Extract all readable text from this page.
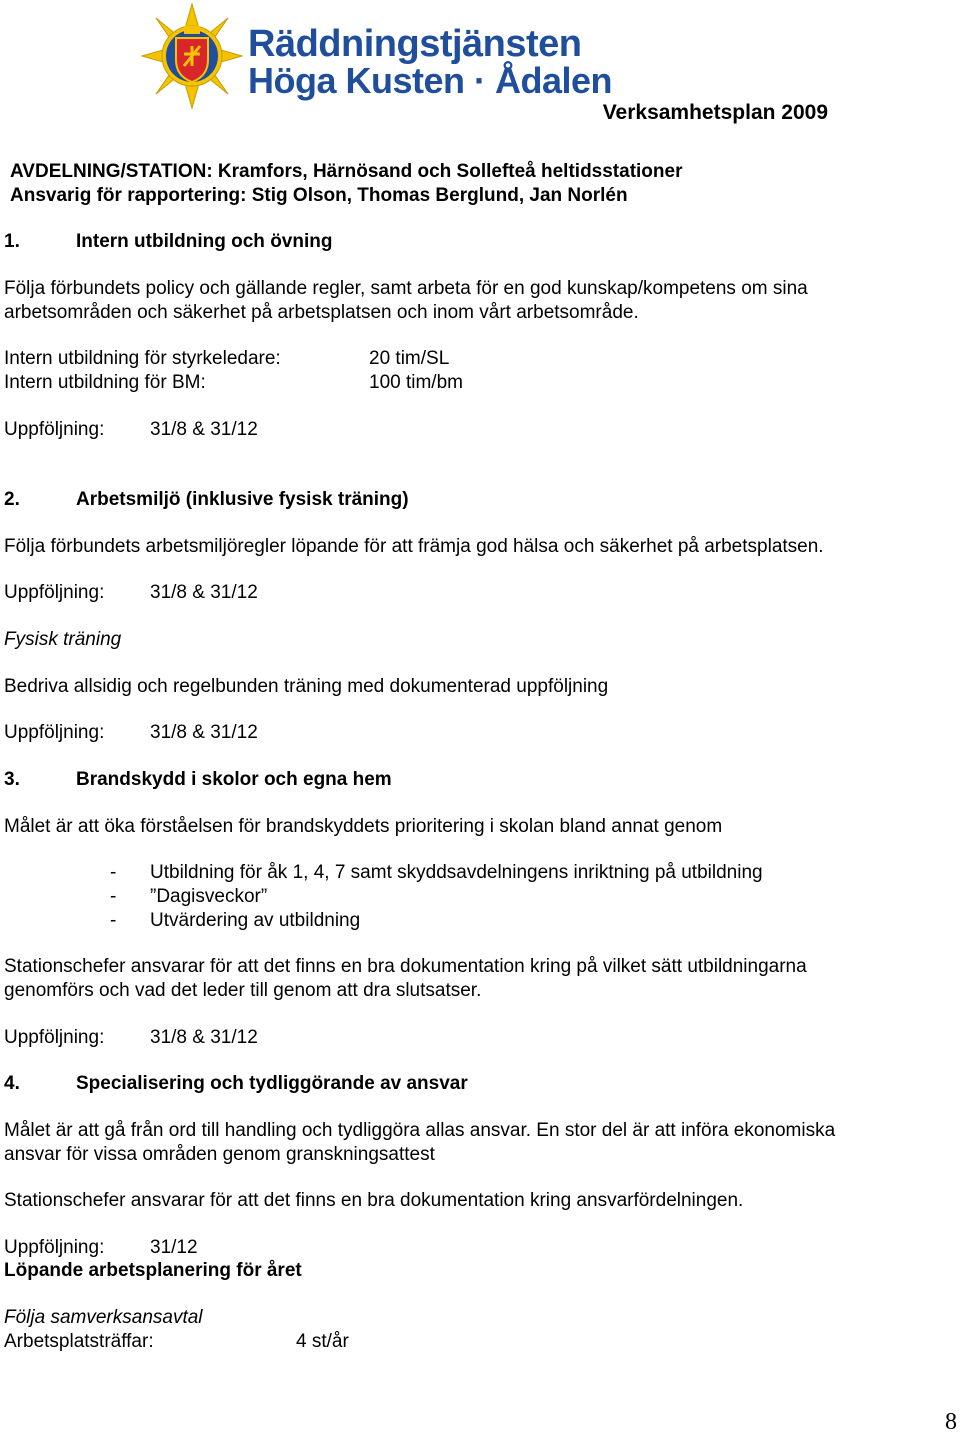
Räddningstjänsten
Höga Kusten · Ådalen
Verksamhetsplan 2009
AVDELNING/STATION: Kramfors, Härnösand och Sollefteå heltidsstationer
Ansvarig för rapportering: Stig Olson, Thomas Berglund, Jan Norlén
1.	Intern utbildning och övning
Följa förbundets policy och gällande regler, samt arbeta för en god kunskap/kompetens om sina
arbetsområden och säkerhet på arbetsplatsen och inom vårt arbetsområde.
Intern utbildning för styrkeledare:	20 tim/SL
Intern utbildning för BM:	100 tim/bm
Uppföljning: 31/8 & 31/12
2.	Arbetsmiljö (inklusive fysisk träning)
Följa förbundets arbetsmiljöregler löpande för att främja god hälsa och säkerhet på arbetsplatsen.
Uppföljning: 31/8 & 31/12
Fysisk träning
Bedriva allsidig och regelbunden träning med dokumenterad uppföljning
Uppföljning: 31/8 & 31/12
3.	Brandskydd i skolor och egna hem
Målet är att öka förståelsen för brandskyddets prioritering i skolan bland annat genom
- Utbildning för åk 1, 4, 7 samt skyddsavdelningens inriktning på utbildning
- ”Dagisveckor”
- Utvärdering av utbildning
Stationschefer ansvarar för att det finns en bra dokumentation kring på vilket sätt utbildningarna
genomförs och vad det leder till genom att dra slutsatser.
Uppföljning: 31/8 & 31/12
4.	Specialisering och tydliggörande av ansvar
Målet är att gå från ord till handling och tydliggöra allas ansvar. En stor del är att införa ekonomiska
ansvar för vissa områden genom granskningsattest
Stationschefer ansvarar för att det finns en bra dokumentation kring ansvarfördelningen.
Uppföljning: 31/12
Löpande arbetsplanering för året
Följa samverksansavtal
Arbetsplatsträffar:	4 st/år
8
